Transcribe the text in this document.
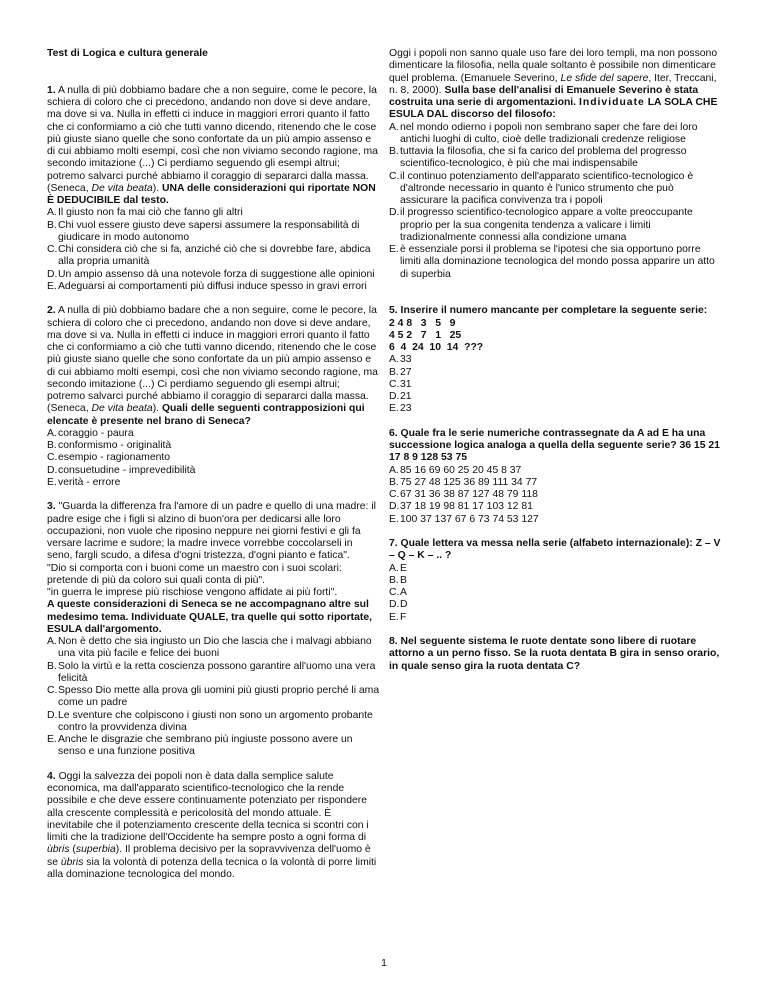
Test di Logica e cultura generale

1. A nulla di più dobbiamo badare che a non seguire, come le pecore, la schiera di coloro che ci precedono, andando non dove si deve andare, ma dove si va. Nulla in effetti ci induce in maggiori errori quanto il fatto che ci conformiamo a ciò che tutti vanno dicendo, ritenendo che le cose più giuste siano quelle che sono confortate da un più ampio assenso e di cui abbiamo molti esempi, così che non viviamo secondo ragione, ma secondo imitazione (...) Ci perdiamo seguendo gli esempi altrui; potremo salvarci purché abbiamo il coraggio di separarci dalla massa. (Seneca, De vita beata). UNA delle considerazioni qui riportate NON È DEDUCIBILE dal testo.

A. Il giusto non fa mai ciò che fanno gli altri
B. Chi vuol essere giusto deve sapersi assumere la responsabilità di giudicare in modo autonomo
C. Chi considera ciò che si fa, anziché ciò che si dovrebbe fare, abdica alla propria umanità
D. Un ampio assenso dà una notevole forza di suggestione alle opinioni
E. Adeguarsi ai comportamenti più diffusi induce spesso in gravi errori

2. A nulla di più dobbiamo badare che a non seguire, come le pecore, la schiera di coloro che ci precedono, andando non dove si deve andare, ma dove si va. Nulla in effetti ci induce in maggiori errori quanto il fatto che ci conformiamo a ciò che tutti vanno dicendo, ritenendo che le cose più giuste siano quelle che sono confortate da un più ampio assenso e di cui abbiamo molti esempi, così che non viviamo secondo ragione, ma secondo imitazione (...) Ci perdiamo seguendo gli esempi altrui; potremo salvarci purché abbiamo il coraggio di separarci dalla massa. (Seneca, De vita beata). Quali delle seguenti contrapposizioni qui elencate è presente nel brano di Seneca?

A. coraggio - paura
B. conformismo - originalità
C. esempio - ragionamento
D. consuetudine - imprevedibilità
E. verità - errore

3. "Guarda la differenza fra l'amore di un padre e quello di una madre: il padre esige che i figli si alzino di buon'ora per dedicarsi alle loro occupazioni, non vuole che riposino neppure nei giorni festivi e gli fa versare lacrime e sudore; la madre invece vorrebbe coccolarseli in seno, fargli scudo, a difesa d'ogni tristezza, d'ogni pianto e fatica".

"Dio si comporta con i buoni come un maestro con i suoi scolari: pretende di più da coloro sui quali conta di più".

"in guerra le imprese più rischiose vengono affidate ai più forti".

A queste considerazioni di Seneca se ne accompagnano altre sul medesimo tema. Individuate QUALE, tra quelle qui sotto riportate, ESULA dall'argomento.

A. Non è detto che sia ingiusto un Dio che lascia che i malvagi abbiano una vita più facile e felice dei buoni
B. Solo la virtù e la retta coscienza possono garantire all'uomo una vera felicità
C. Spesso Dio mette alla prova gli uomini più giusti proprio perché li ama come un padre
D. Le sventure che colpiscono i giusti non sono un argomento probante contro la provvidenza divina
E. Anche le disgrazie che sembrano più ingiuste possono avere un senso e una funzione positiva

4. Oggi la salvezza dei popoli non è data dalla semplice salute economica, ma dall'apparato scientifico-tecnologico che la rende possibile e che deve essere continuamente potenziato per rispondere alla crescente complessità e pericolosità del mondo attuale. È inevitabile che il potenziamento crescente della tecnica si scontri con i limiti che la tradizione dell'Occidente ha sempre posto a ogni forma di ùbris (superbia). Il problema decisivo per la sopravvivenza dell'uomo è se ùbris sia la volontà di potenza della tecnica o la volontà di porre limiti alla dominazione tecnologica del mondo.

Oggi i popoli non sanno quale uso fare dei loro templi, ma non possono dimenticare la filosofia, nella quale soltanto è possibile non dimenticare quel problema. (Emanuele Severino, Le sfide del sapere, Iter, Treccani, n. 8, 2000). Sulla base dell'analisi di Emanuele Severino è stata costruita una serie di argomentazioni. Individuate LA SOLA CHE ESULA DAL discorso del filosofo:

A. nel mondo odierno i popoli non sembrano saper che fare dei loro antichi luoghi di culto, cioè delle tradizionali credenze religiose
B. tuttavia la filosofia, che si fa carico del problema del progresso scientifico-tecnologico, è più che mai indispensabile
C. il continuo potenziamento dell'apparato scientifico-tecnologico è d'altronde necessario in quanto è l'unico strumento che può assicurare la pacifica convivenza tra i popoli
D. il progresso scientifico-tecnologico appare a volte preoccupante proprio per la sua congenita tendenza a valicare i limiti tradizionalmente connessi alla condizione umana
E. è essenziale porsi il problema se l'ipotesi che sia opportuno porre limiti alla dominazione tecnologica del mondo possa apparire un atto di superbia

5. Inserire il numero mancante per completare la seguente serie:

2 4 8   3   5   9

4 5 2   7   1   25

6  4  24  10  14  ???

A. 33
B. 27
C. 31
D. 21
E. 23

6. Quale fra le serie numeriche contrassegnate da A ad E ha una successione logica analoga a quella della seguente serie? 36 15 21 17 8 9 128 53 75

A. 85 16 69 60 25 20 45 8 37
B. 75 27 48 125 36 89 111 34 77
C. 67 31 36 38 87 127 48 79 118
D. 37 18 19 98 81 17 103 12 81
E. 100 37 137 67 6 73 74 53 127

7. Quale lettera va messa nella serie (alfabeto internazionale): Z – V – Q – K – .. ?

A. E
B. B
C. A
D. D
E. F

8. Nel seguente sistema le ruote dentate sono libere di ruotare attorno a un perno fisso. Se la ruota dentata B gira in senso orario, in quale senso gira la ruota dentata C?

1
